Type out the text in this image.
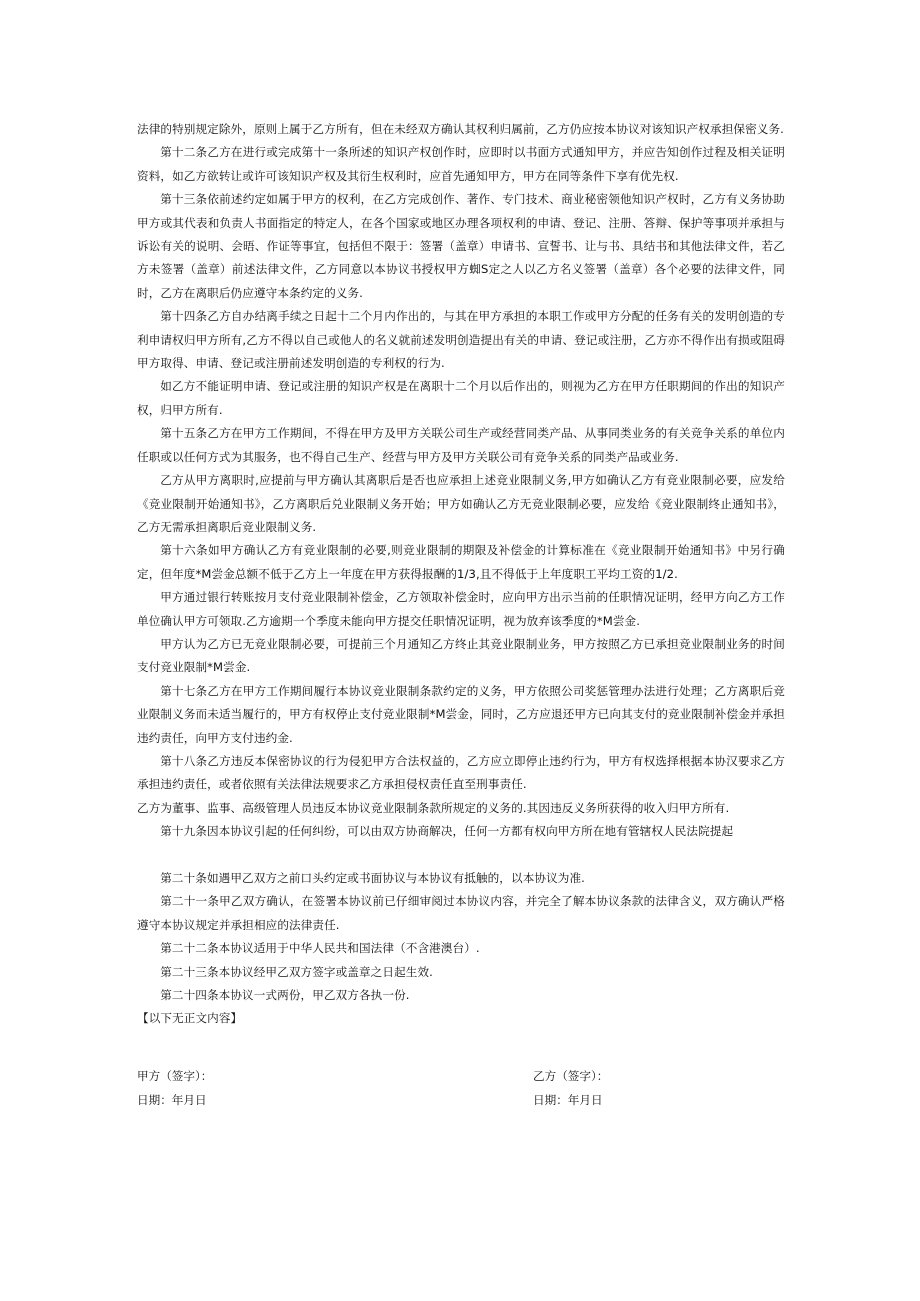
法律的特别规定除外，原则上属于乙方所有，但在未经双方确认其权利归属前，乙方仍应按本协议对该知识产权承担保密义务.

第十二条乙方在进行或完成第十一条所述的知识产权创作时，应即时以书面方式通知甲方，并应告知创作过程及相关证明资料，如乙方欲转让或许可该知识产权及其衍生权利时，应首先通知甲方，甲方在同等条件下享有优先权.

第十三条依前述约定如属于甲方的权利，在乙方完成创作、著作、专门技术、商业秘密领他知识产权时，乙方有义务协助甲方或其代表和负责人书面指定的特定人，在各个国家或地区办理各项权利的申请、登记、注册、答辩、保护等事项并承担与诉讼有关的说明、会晤、作证等事宜，包括但不限于：签署（盖章）申请书、宣誓书、让与书、具结书和其他法律文件，若乙方未签署（盖章）前述法律文件，乙方同意以本协议书授权甲方蜘S定之人以乙方名义签署（盖章）各个必要的法律文件，同时，乙方在离职后仍应遵守本条约定的义务.

第十四条乙方自办结离手续之日起十二个月内作出的，与其在甲方承担的本职工作或甲方分配的任务有关的发明创造的专利申请权归甲方所有,乙方不得以自己或他人的名义就前述发明创造提出有关的申请、登记或注册，乙方亦不得作出有损或阻碍甲方取得、申请、登记或注册前述发明创造的专利权的行为.

如乙方不能证明申请、登记或注册的知识产权是在离职十二个月以后作出的，则视为乙方在甲方任职期间的作出的知识产权，归甲方所有.

第十五条乙方在甲方工作期间，不得在甲方及甲方关联公司生产或经营同类产品、从事同类业务的有关竞争关系的单位内任职或以任何方式为其服务，也不得自己生产、经营与甲方及甲方关联公司有竞争关系的同类产品或业务.

乙方从甲方离职时,应提前与甲方确认其离职后是否也应承担上述竞业限制义务,甲方如确认乙方有竞业限制必要，应发给《竞业限制开始通知书》，乙方离职后兑业限制义务开始；甲方如确认乙方无竞业限制必要，应发给《竞业限制终止通知书》，乙方无需承担离职后竞业限制义务.

第十六条如甲方确认乙方有竞业限制的必要,则竞业限制的期限及补偿金的计算标准在《竞业限制开始通知书》中另行确定，但年度*M尝金总额不低于乙方上一年度在甲方获得报酬的1/3,且不得低于上年度职工平均工资的1/2.

甲方通过银行转账按月支付竞业限制补偿金，乙方领取补偿金时，应向甲方出示当前的任职情况证明，经甲方向乙方工作单位确认甲方可领取.乙方逾期一个季度未能向甲方提交任职情况证明，视为放弃该季度的*M尝金.

甲方认为乙方已无竞业限制必要，可提前三个月通知乙方终止其竞业限制业务，甲方按照乙方已承担竞业限制业务的时间支付竞业限制*M尝金.

第十七条乙方在甲方工作期间履行本协议竞业限制条款约定的义务，甲方依照公司奖惩管理办法进行处理；乙方离职后竞业限制义务而未适当履行的，甲方有权停止支付竞业限制*M尝金，同时，乙方应退还甲方已向其支付的竞业限制补偿金并承担违约责任，向甲方支付违约金.

第十八条乙方违反本保密协议的行为侵犯甲方合法权益的，乙方应立即停止违约行为，甲方有权选择根据本协汉要求乙方承担违约责任，或者依照有关法律法规要求乙方承担侵权责任直至刑事责任.

乙方为董事、监事、高级管理人员违反本协议竞业限制条款所规定的义务的.其因违反义务所获得的收入归甲方所有.

第十九条因本协议引起的任何纠纷，可以由双方协商解决，任何一方都有权向甲方所在地有管辖权人民法院提起

第二十条如遇甲乙双方之前口头约定或书面协议与本协议有抵触的，以本协议为准.

第二十一条甲乙双方确认，在签署本协议前已仔细审阅过本协议内容，并完全了解本协议条款的法律含义，双方确认严格遵守本协议规定并承担相应的法律责任.

第二十二条本协议适用于中华人民共和国法律（不含港澳台）.

第二十三条本协议经甲乙双方签字或盖章之日起生效.

第二十四条本协议一式两份，甲乙双方各执一份.

【以下无正文内容】

甲方（签字）：	乙方（签字）：
日期：年月日	日期：年月日
